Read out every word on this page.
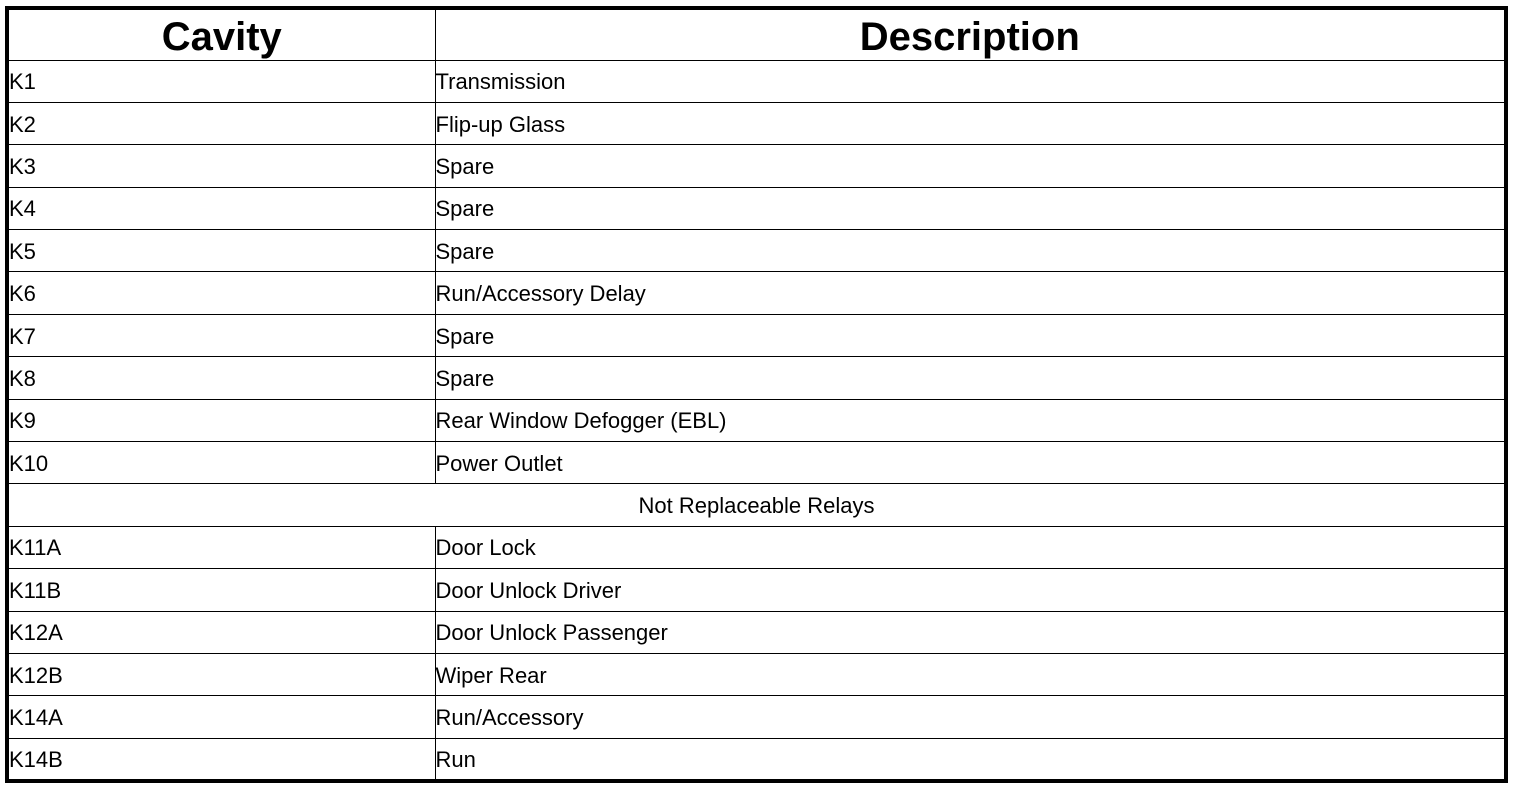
Cavity	Description
K1	Transmission
K2	Flip-up Glass
K3	Spare
K4	Spare
K5	Spare
K6	Run/Accessory Delay
K7	Spare
K8	Spare
K9	Rear Window Defogger (EBL)
K10	Power Outlet
Not Replaceable Relays	
K11A	Door Lock
K11B	Door Unlock Driver
K12A	Door Unlock Passenger
K12B	Wiper Rear
K14A	Run/Accessory
K14B	Run
